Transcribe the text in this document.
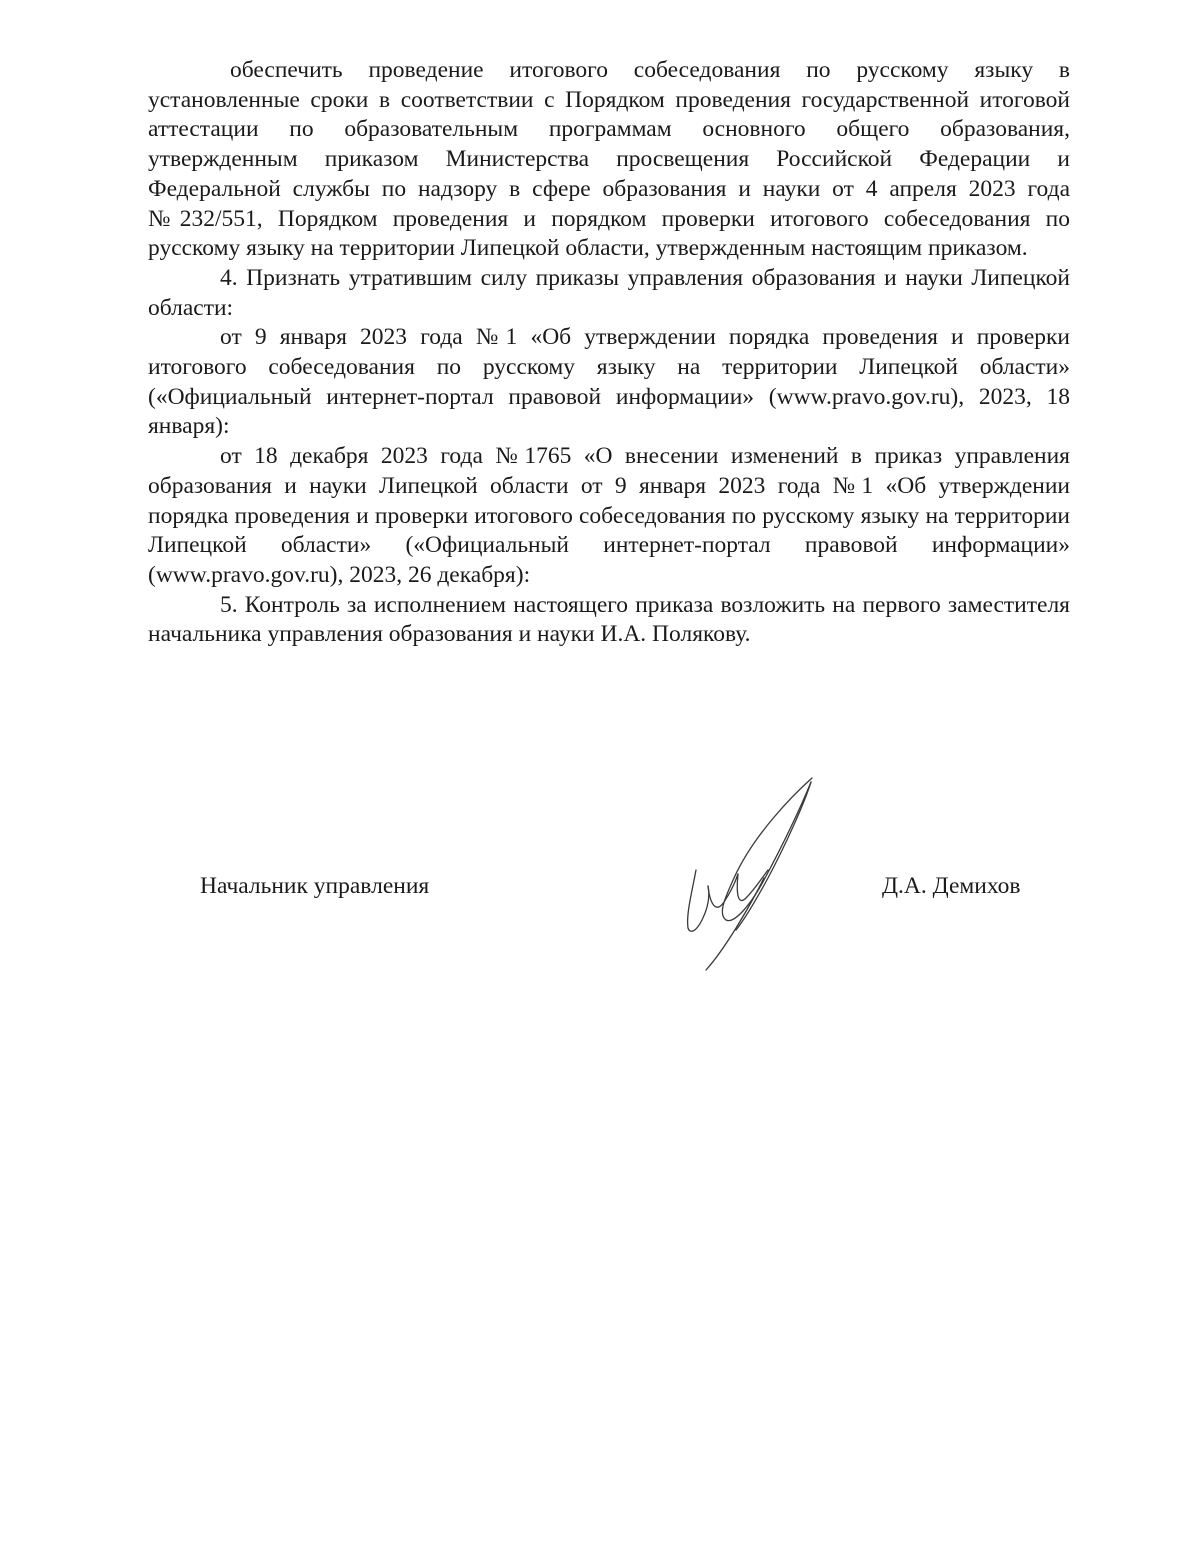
обеспечить проведение итогового собеседования по русскому языку в установленные сроки в соответствии с Порядком проведения государственной итоговой аттестации по образовательным программам основного общего образования, утвержденным приказом Министерства просвещения Российской Федерации и Федеральной службы по надзору в сфере образования и науки от 4 апреля 2023 года №232/551, Порядком проведения и порядком проверки итогового собеседования по русскому языку на территории Липецкой области, утвержденным настоящим приказом.

4. Признать утратившим силу приказы управления образования и науки Липецкой области:

от 9 января 2023 года №1 «Об утверждении порядка проведения и проверки итогового собеседования по русскому языку на территории Липецкой области» («Официальный интернет-портал правовой информации» (www.pravo.gov.ru), 2023, 18 января):

от 18 декабря 2023 года №1765 «О внесении изменений в приказ управления образования и науки Липецкой области от 9 января 2023 года №1 «Об утверждении порядка проведения и проверки итогового собеседования по русскому языку на территории Липецкой области» («Официальный интернет-портал правовой информации» (www.pravo.gov.ru), 2023, 26 декабря):

5. Контроль за исполнением настоящего приказа возложить на первого заместителя начальника управления образования и науки И.А. Полякову.

Начальник управления	Д.А. Демихов
